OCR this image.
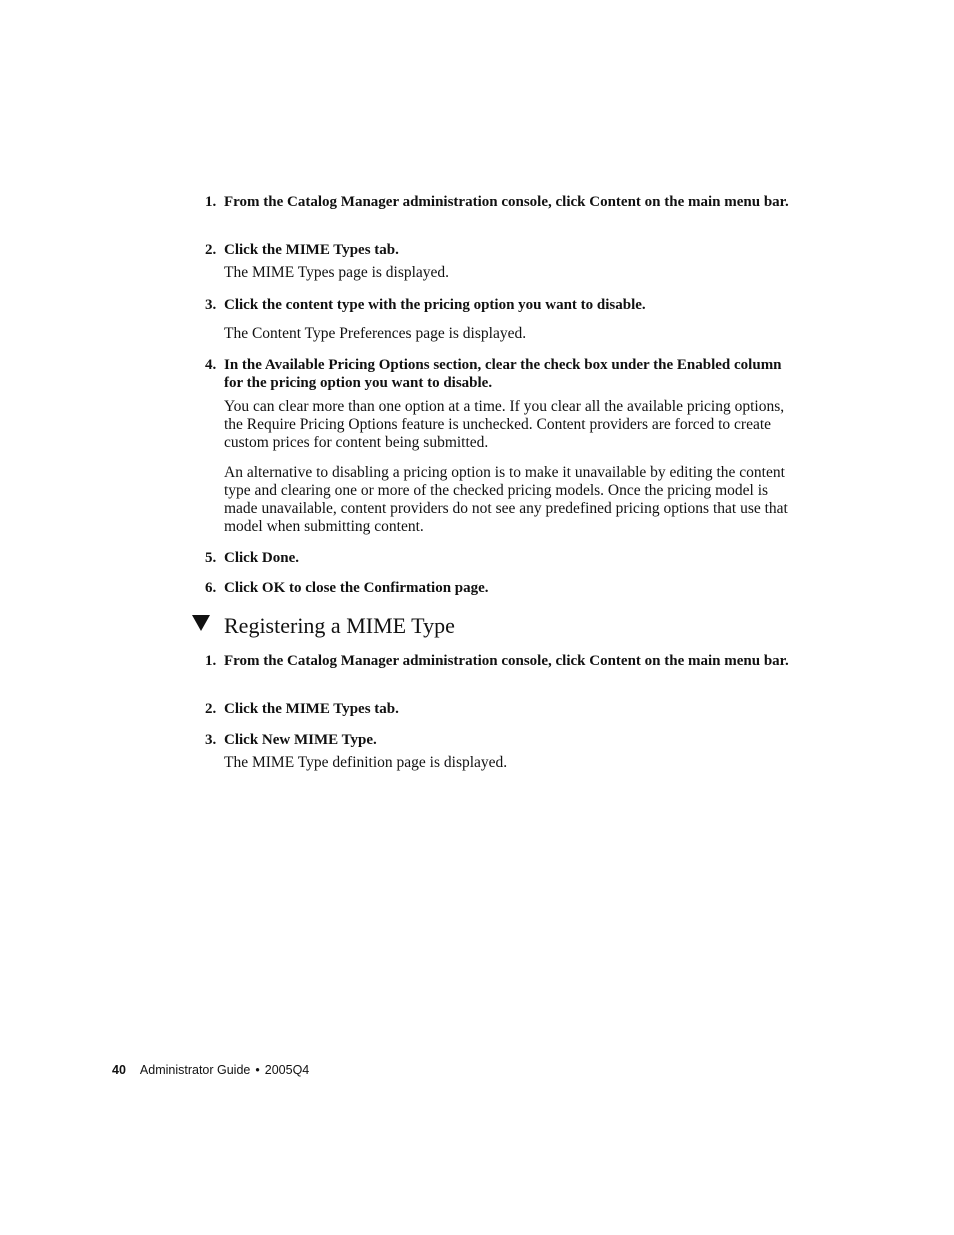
1. From the Catalog Manager administration console, click Content on the main menu bar.
2. Click the MIME Types tab.
The MIME Types page is displayed.
3. Click the content type with the pricing option you want to disable.
The Content Type Preferences page is displayed.
4. In the Available Pricing Options section, clear the check box under the Enabled column for the pricing option you want to disable.
You can clear more than one option at a time. If you clear all the available pricing options, the Require Pricing Options feature is unchecked. Content providers are forced to create custom prices for content being submitted.
An alternative to disabling a pricing option is to make it unavailable by editing the content type and clearing one or more of the checked pricing models. Once the pricing model is made unavailable, content providers do not see any predefined pricing options that use that model when submitting content.
5. Click Done.
6. Click OK to close the Confirmation page.
Registering a MIME Type
1. From the Catalog Manager administration console, click Content on the main menu bar.
2. Click the MIME Types tab.
3. Click New MIME Type.
The MIME Type definition page is displayed.
40 Administrator Guide • 2005Q4
